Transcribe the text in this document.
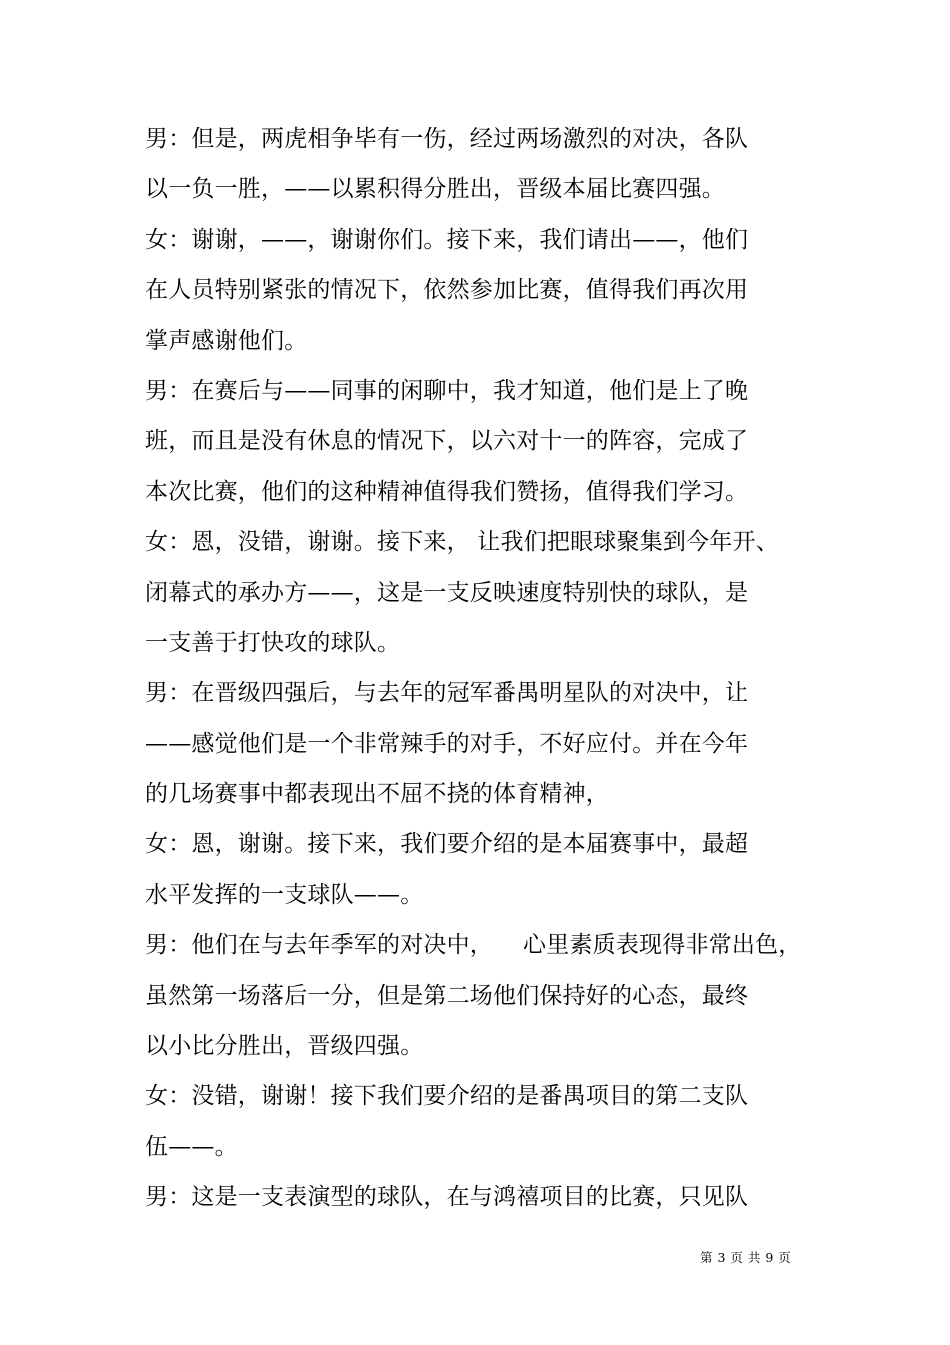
男：但是，两虎相争毕有一伤，经过两场激烈的对决，各队
以一负一胜，——以累积得分胜出，晋级本届比赛四强。
女：谢谢，——，谢谢你们。接下来，我们请出——，他们
在人员特别紧张的情况下，依然参加比赛，值得我们再次用
掌声感谢他们。
男：在赛后与——同事的闲聊中，我才知道，他们是上了晚
班，而且是没有休息的情况下，以六对十一的阵容，完成了
本次比赛，他们的这种精神值得我们赞扬，值得我们学习。
女：恩，没错，谢谢。接下来， 让我们把眼球聚集到今年开、
闭幕式的承办方——，这是一支反映速度特别快的球队，是
一支善于打快攻的球队。
男：在晋级四强后，与去年的冠军番禺明星队的对决中，让
——感觉他们是一个非常辣手的对手，不好应付。并在今年
的几场赛事中都表现出不屈不挠的体育精神，
女：恩，谢谢。接下来，我们要介绍的是本届赛事中，最超
水平发挥的一支球队——。
男：他们在与去年季军的对决中，    心里素质表现得非常出色，
虽然第一场落后一分，但是第二场他们保持好的心态，最终
以小比分胜出，晋级四强。
女：没错，谢谢！接下我们要介绍的是番禺项目的第二支队
伍——。
男：这是一支表演型的球队，在与鸿禧项目的比赛，只见队
第 3 页 共 9 页
